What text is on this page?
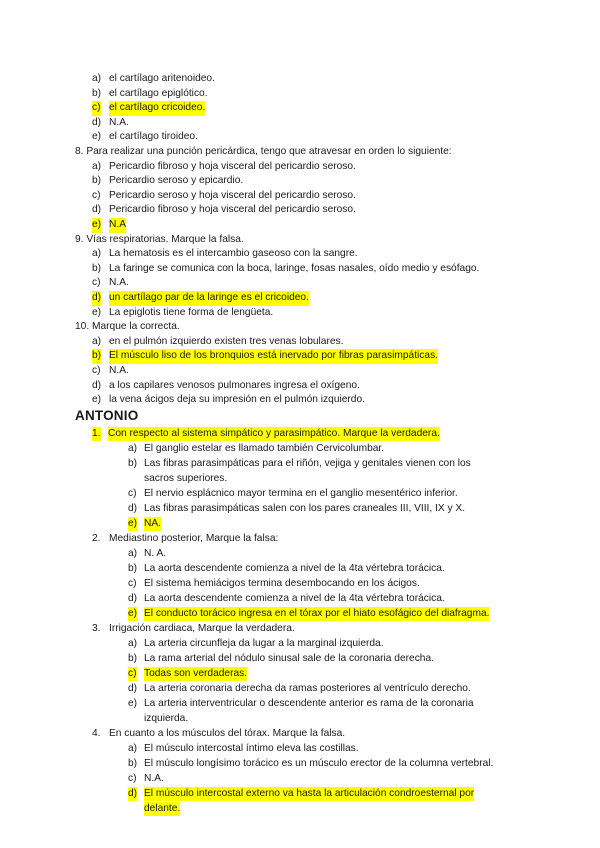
a) el cartílago aritenoideo.
b) el cartílago epiglótico.
c) el cartílago cricoideo.
d) N.A.
e) el cartílago tiroideo.
8. Para realizar una punción pericárdica, tengo que atravesar en orden lo siguiente:
a) Pericardio fibroso y hoja visceral del pericardio seroso.
b) Pericardio seroso y epicardio.
c) Pericardio seroso y hoja visceral del pericardio seroso.
d) Pericardio fibroso y hoja visceral del pericardio seroso.
e) N.A
9. Vías respiratorias. Marque la falsa.
a) La hematosis es el intercambio gaseoso con la sangre.
b) La faringe se comunica con la boca, laringe, fosas nasales, oído medio y esófago.
c) N.A.
d) un cartílago par de la laringe es el cricoideo.
e) La epiglotis tiene forma de lengüeta.
10. Marque la correcta.
a) en el pulmón izquierdo existen tres venas lobulares.
b) El músculo liso de los bronquios está inervado por fibras parasimpáticas.
c) N.A.
d) a los capilares venosos pulmonares ingresa el oxígeno.
e) la vena ácigos deja su impresión en el pulmón izquierdo.
ANTONIO
1. Con respecto al sistema simpático y parasimpático. Marque la verdadera.
a) El ganglio estelar es llamado también Cervicolumbar.
b) Las fibras parasimpáticas para el riñón, vejiga y genitales vienen con los
sacros superiores.
c) El nervio esplácnico mayor termina en el ganglio mesentérico inferior.
d) Las fibras parasimpáticas salen con los pares craneales III, VIII, IX y X.
e) NA.
2. Mediastino posterior, Marque la falsa:
a) N. A.
b) La aorta descendente comienza a nivel de la 4ta vértebra torácica.
c) El sistema hemiácigos termina desembocando en los ácigos.
d) La aorta descendente comienza a nivel de la 4ta vértebra torácica.
e) El conducto torácico ingresa en el tórax por el hiato esofágico del diafragma.
3. Irrigación cardiaca, Marque la verdadera.
a) La arteria circunfleja da lugar a la marginal izquierda.
b) La rama arterial del nódulo sinusal sale de la coronaria derecha.
c) Todas son verdaderas.
d) La arteria coronaria derecha da ramas posteriores al ventrículo derecho.
e) La arteria interventricular o descendente anterior es rama de la coronaria
izquierda.
4. En cuanto a los músculos del tórax. Marque la falsa.
a) El músculo intercostal íntimo eleva las costillas.
b) El músculo longísimo torácico es un músculo erector de la columna vertebral.
c) N.A.
d) El músculo intercostal externo va hasta la articulación condroesternal por
delante.
